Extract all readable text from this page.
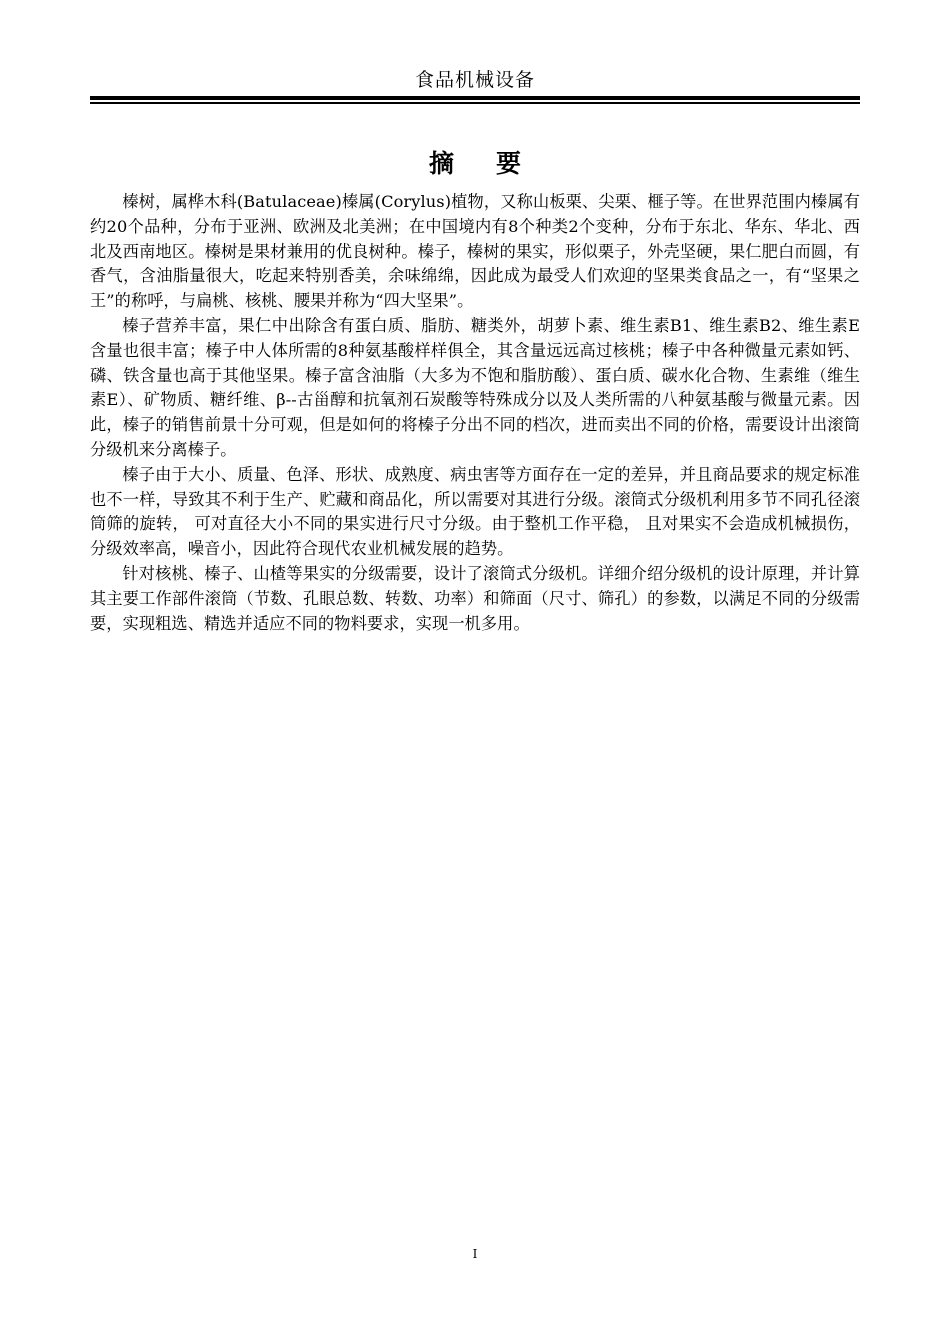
食品机械设备
摘要

榛树，属桦木科(Batulaceae)榛属(Corylus)植物，又称山板栗、尖栗、榧子等。在世界范围内榛属有约20个品种，分布于亚洲、欧洲及北美洲；在中国境内有8个种类2个变种，分布于东北、华东、华北、西北及西南地区。榛树是果材兼用的优良树种。榛子，榛树的果实，形似栗子，外壳坚硬，果仁肥白而圆，有香气，含油脂量很大，吃起来特别香美，余味绵绵，因此成为最受人们欢迎的坚果类食品之一，有“坚果之王”的称呼，与扁桃、核桃、腰果并称为“四大坚果”。

榛子营养丰富，果仁中出除含有蛋白质、脂肪、糖类外，胡萝卜素、维生素B1、维生素B2、维生素E含量也很丰富；榛子中人体所需的8种氨基酸样样俱全，其含量远远高过核桃；榛子中各种微量元素如钙、磷、铁含量也高于其他坚果。榛子富含油脂（大多为不饱和脂肪酸）、蛋白质、碳水化合物、生素维（维生素E）、矿物质、糖纤维、β--古甾醇和抗氧剂石炭酸等特殊成分以及人类所需的八种氨基酸与微量元素。因此，榛子的销售前景十分可观，但是如何的将榛子分出不同的档次，进而卖出不同的价格，需要设计出滚筒分级机来分离榛子。

榛子由于大小、质量、色泽、形状、成熟度、病虫害等方面存在一定的差异，并且商品要求的规定标准也不一样，导致其不利于生产、贮藏和商品化，所以需要对其进行分级。滚筒式分级机利用多节不同孔径滚筒筛的旋转， 可对直径大小不同的果实进行尺寸分级。由于整机工作平稳， 且对果实不会造成机械损伤，分级效率高，噪音小，因此符合现代农业机械发展的趋势。

针对核桃、榛子、山楂等果实的分级需要，设计了滚筒式分级机。详细介绍分级机的设计原理，并计算其主要工作部件滚筒（节数、孔眼总数、转数、功率）和筛面（尺寸、筛孔）的参数，以满足不同的分级需要，实现粗选、精选并适应不同的物料要求，实现一机多用。

I
